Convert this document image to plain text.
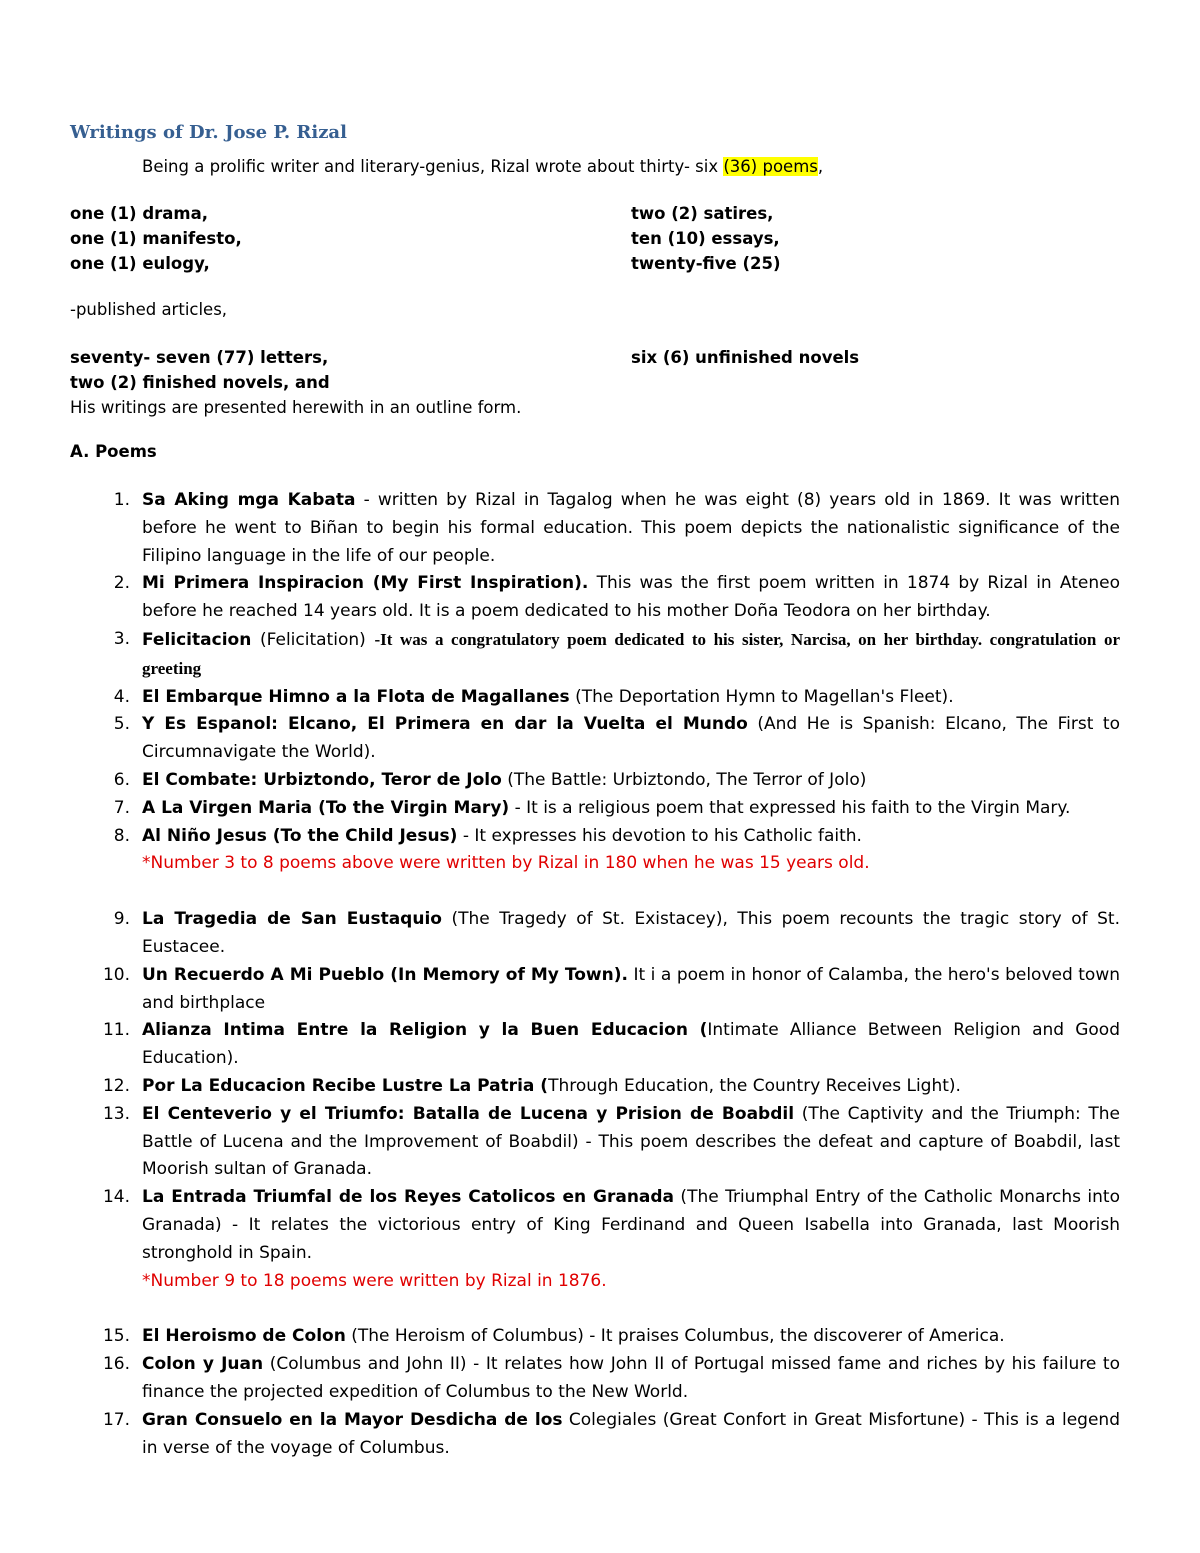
Writings of Dr. Jose P. Rizal
Being a prolific writer and literary-genius, Rizal wrote about thirty- six (36) poems,
one (1) drama,
one (1) manifesto,
one (1) eulogy,
two (2) satires,
ten (10) essays,
twenty-five (25)
-published articles,
seventy- seven (77) letters,
two (2) finished novels, and
His writings are presented herewith in an outline form.
six (6) unfinished novels
A. Poems
1. Sa Aking mga Kabata - written by Rizal in Tagalog when he was eight (8) years old in 1869. It was written before he went to Biñan to begin his formal education. This poem depicts the nationalistic significance of the Filipino language in the life of our people.
2. Mi Primera Inspiracion (My First Inspiration). This was the first poem written in 1874 by Rizal in Ateneo before he reached 14 years old. It is a poem dedicated to his mother Doña Teodora on her birthday.
3. Felicitacion (Felicitation) -It was a congratulatory poem dedicated to his sister, Narcisa, on her birthday. congratulation or greeting
4. El Embarque Himno a la Flota de Magallanes (The Deportation Hymn to Magellan's Fleet).
5. Y Es Espanol: Elcano, El Primera en dar la Vuelta el Mundo (And He is Spanish: Elcano, The First to Circumnavigate the World).
6. El Combate: Urbiztondo, Teror de Jolo (The Battle: Urbiztondo, The Terror of Jolo)
7. A La Virgen Maria (To the Virgin Mary) - It is a religious poem that expressed his faith to the Virgin Mary.
8. Al Niño Jesus (To the Child Jesus) - It expresses his devotion to his Catholic faith.
*Number 3 to 8 poems above were written by Rizal in 180 when he was 15 years old.
9. La Tragedia de San Eustaquio (The Tragedy of St. Existacey), This poem recounts the tragic story of St. Eustacee.
10. Un Recuerdo A Mi Pueblo (In Memory of My Town). It i a poem in honor of Calamba, the hero's beloved town and birthplace
11. Alianza Intima Entre la Religion y la Buen Educacion (Intimate Alliance Between Religion and Good Education).
12. Por La Educacion Recibe Lustre La Patria (Through Education, the Country Receives Light).
13. El Centeverio y el Triumfo: Batalla de Lucena y Prision de Boabdil (The Captivity and the Triumph: The Battle of Lucena and the Improvement of Boabdil) - This poem describes the defeat and capture of Boabdil, last Moorish sultan of Granada.
14. La Entrada Triumfal de los Reyes Catolicos en Granada (The Triumphal Entry of the Catholic Monarchs into Granada) - It relates the victorious entry of King Ferdinand and Queen Isabella into Granada, last Moorish stronghold in Spain.
*Number 9 to 18 poems were written by Rizal in 1876.
15. El Heroismo de Colon (The Heroism of Columbus) - It praises Columbus, the discoverer of America.
16. Colon y Juan (Columbus and John II) - It relates how John II of Portugal missed fame and riches by his failure to finance the projected expedition of Columbus to the New World.
17. Gran Consuelo en la Mayor Desdicha de los Colegiales (Great Confort in Great Misfortune) - This is a legend in verse of the voyage of Columbus.
